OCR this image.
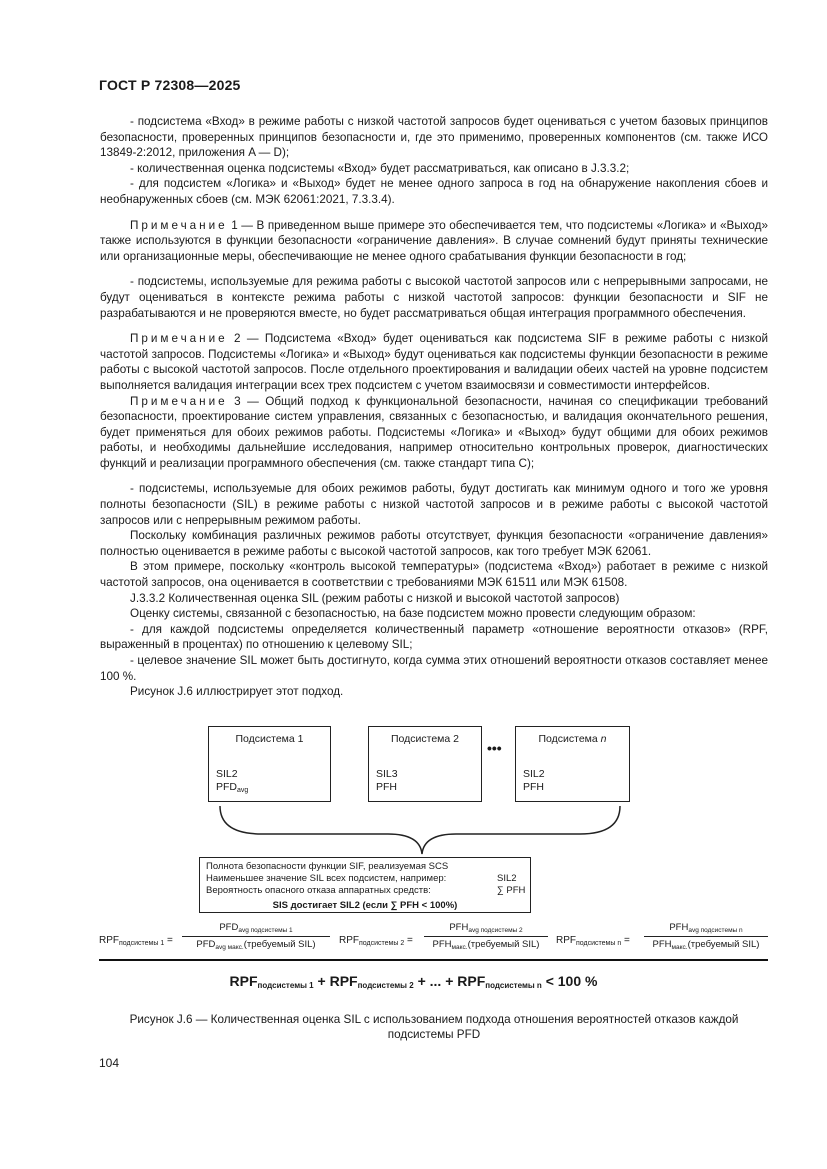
ГОСТ Р 72308—2025

- подсистема «Вход» в режиме работы с низкой частотой запросов будет оцениваться с учетом базовых принципов безопасности, проверенных принципов безопасности и, где это применимо, проверенных компонентов (см. также ИСО 13849-2:2012, приложения A — D);

- количественная оценка подсистемы «Вход» будет рассматриваться, как описано в J.3.3.2;

- для подсистем «Логика» и «Выход» будет не менее одного запроса в год на обнаружение накопления сбоев и необнаруженных сбоев (см. МЭК 62061:2021, 7.3.3.4).

Примечание 1 — В приведенном выше примере это обеспечивается тем, что подсистемы «Логика» и «Выход» также используются в функции безопасности «ограничение давления». В случае сомнений будут приняты технические или организационные меры, обеспечивающие не менее одного срабатывания функции безопасности в год;

- подсистемы, используемые для режима работы с высокой частотой запросов или с непрерывными запросами, не будут оцениваться в контексте режима работы с низкой частотой запросов: функции безопасности и SIF не разрабатываются и не проверяются вместе, но будет рассматриваться общая интеграция программного обеспечения.

Примечание 2 — Подсистема «Вход» будет оцениваться как подсистема SIF в режиме работы с низкой частотой запросов. Подсистемы «Логика» и «Выход» будут оцениваться как подсистемы функции безопасности в режиме работы с высокой частотой запросов. После отдельного проектирования и валидации обеих частей на уровне подсистем выполняется валидация интеграции всех трех подсистем с учетом взаимосвязи и совместимости интерфейсов.

Примечание 3 — Общий подход к функциональной безопасности, начиная со спецификации требований безопасности, проектирование систем управления, связанных с безопасностью, и валидация окончательного решения, будет применяться для обоих режимов работы. Подсистемы «Логика» и «Выход» будут общими для обоих режимов работы, и необходимы дальнейшие исследования, например относительно контрольных проверок, диагностических функций и реализации программного обеспечения (см. также стандарт типа C);

- подсистемы, используемые для обоих режимов работы, будут достигать как минимум одного и того же уровня полноты безопасности (SIL) в режиме работы с низкой частотой запросов и в режиме работы с высокой частотой запросов или с непрерывным режимом работы.

Поскольку комбинация различных режимов работы отсутствует, функция безопасности «ограничение давления» полностью оценивается в режиме работы с высокой частотой запросов, как того требует МЭК 62061.

В этом примере, поскольку «контроль высокой температуры» (подсистема «Вход») работает в режиме с низкой частотой запросов, она оценивается в соответствии с требованиями МЭК 61511 или МЭК 61508.

J.3.3.2 Количественная оценка SIL (режим работы с низкой и высокой частотой запросов)

Оценку системы, связанной с безопасностью, на базе подсистем можно провести следующим образом:

- для каждой подсистемы определяется количественный параметр «отношение вероятности отказов» (RPF, выраженный в процентах) по отношению к целевому SIL;

- целевое значение SIL может быть достигнуто, когда сумма этих отношений вероятности отказов составляет менее 100 %.

Рисунок J.6 иллюстрирует этот подход.

Подсистема 1
SIL2
$PFD_{avg}$
Подсистема 2
SIL3
PFH
•••
Подсистема n
SIL2
PFH
Полнота безопасности функции SIF, реализуемая SCS
Наименьшее значение SIL всех подсистем, например:	SIL2
Вероятность опасного отказа аппаратных средств:	∑ PFH
SIS достигает SIL2 (если ∑ PFH < 100%)
$RPF_{подсистемы 1}$ =
$PFD_{avg подсистемы 1}$
$PFD_{avg макс.}(требуемый$ SIL)	$RPF_{подсистемы 2}$ =
$PFH_{avg подсистемы 2}$
$PFH_{макс.}(требуемый$ SIL)	$RPF_{подсистемы n}$ =
$PFH_{avg подсистемы n}$
$PFH_{макс.}(требуемый$ SIL)
$RPF_{подсистемы 1} + RPF_{подсистемы 2}$ + ... + $RPF_{подсистемы n} < 100$ %
Рисунок J.6 — Количественная оценка SIL с использованием подхода отношения вероятностей отказов каждой подсистемы PFD
104
